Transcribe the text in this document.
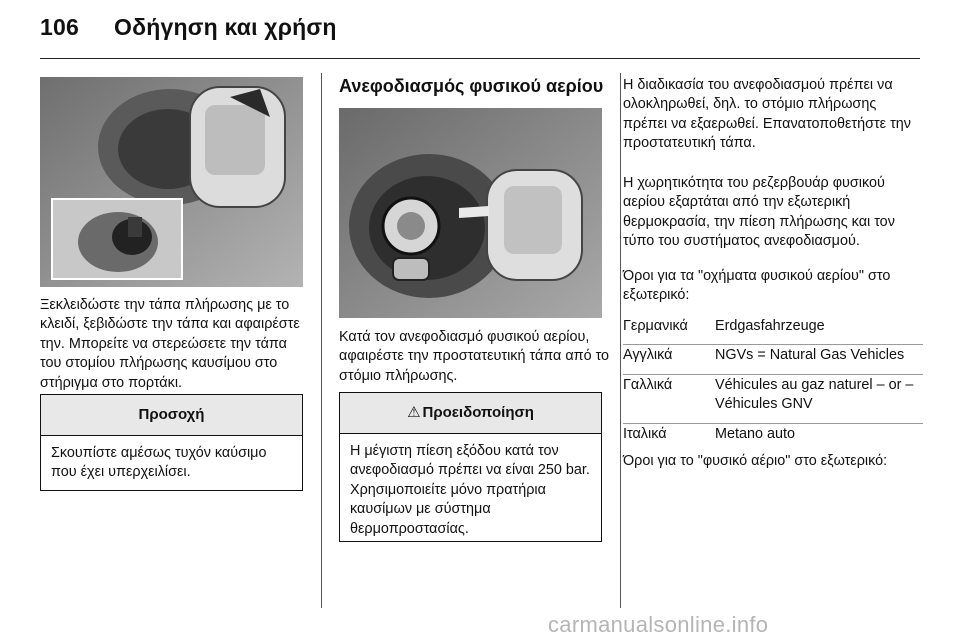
106 Οδήγηση και χρήση
Ξεκλειδώστε την τάπα πλήρωσης με το κλειδί, ξεβιδώστε την τάπα και αφαιρέστε την. Μπορείτε να στερεώσετε την τάπα του στομίου πλήρωσης καυσίμου στο στήριγμα στο πορτάκι.
Προσοχή
Σκουπίστε αμέσως τυχόν καύσιμο που έχει υπερχειλίσει.
Ανεφοδιασμός φυσικού αερίου
Κατά τον ανεφοδιασμό φυσικού αερίου, αφαιρέστε την προστατευτική τάπα από το στόμιο πλήρωσης.
⚠ Προειδοποίηση
Η μέγιστη πίεση εξόδου κατά τον ανεφοδιασμό πρέπει να είναι 250 bar. Χρησιμοποιείτε μόνο πρατήρια καυσίμων με σύστημα θερμοπροστασίας.
Η διαδικασία του ανεφοδιασμού πρέπει να ολοκληρωθεί, δηλ. το στόμιο πλήρωσης πρέπει να εξαερωθεί. Επανατοποθετήστε την προστατευτική τάπα.
Η χωρητικότητα του ρεζερβουάρ φυσικού αερίου εξαρτάται από την εξωτερική θερμοκρασία, την πίεση πλήρωσης και τον τύπο του συστήματος ανεφοδιασμού.
Όροι για τα "οχήματα φυσικού αερίου" στο εξωτερικό:
Γερμανικά	Erdgasfahrzeuge
Αγγλικά	NGVs = Natural Gas Vehicles
Γαλλικά	Véhicules au gaz naturel – or – Véhicules GNV
Ιταλικά	Metano auto
Όροι για το "φυσικό αέριο" στο εξωτερικό:
carmanualsonline.info
